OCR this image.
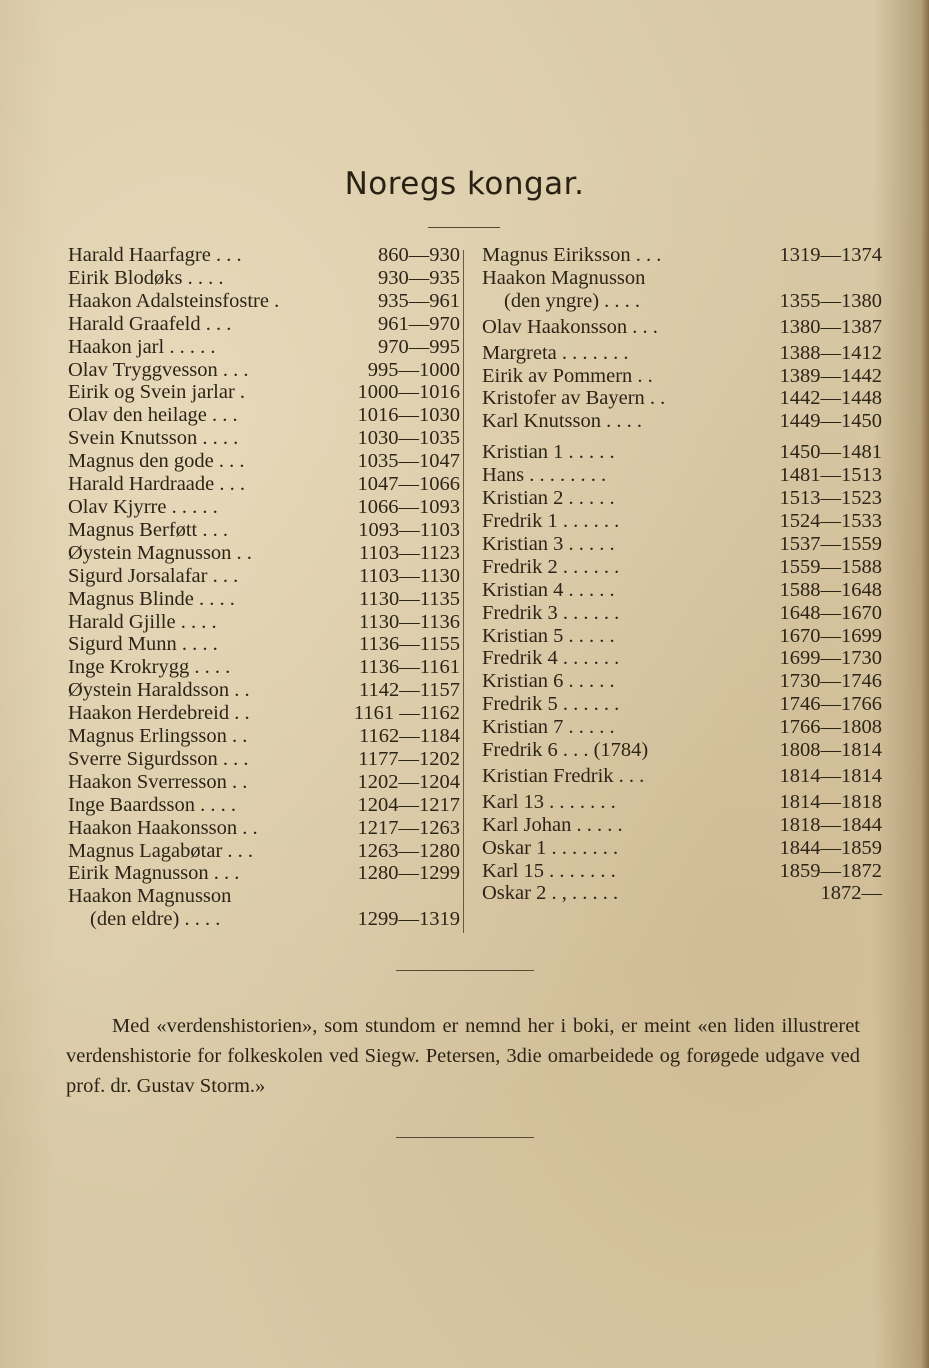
Noregs kongar.
Harald Haarfagre . . .	860—930
Eirik Blodøks . . . .	930—935
Haakon Adalsteinsfostre .	935—961
Harald Graafeld . . .	961—970
Haakon jarl . . . . .	970—995
Olav Tryggvesson . . .	995—1000
Eirik og Svein jarlar .	1000—1016
Olav den heilage . . .	1016—1030
Svein Knutsson . . . .	1030—1035
Magnus den gode . . .	1035—1047
Harald Hardraade . . .	1047—1066
Olav Kjyrre . . . . .	1066—1093
Magnus Berføtt . . .	1093—1103
Øystein Magnusson . .	1103—1123
Sigurd Jorsalafar . . .	1103—1130
Magnus Blinde . . . .	1130—1135
Harald Gjille . . . .	1130—1136
Sigurd Munn . . . .	1136—1155
Inge Krokrygg . . . .	1136—1161
Øystein Haraldsson . .	1142—1157
Haakon Herdebreid . .	1161 —1162
Magnus Erlingsson . .	1162—1184
Sverre Sigurdsson . . .	1177—1202
Haakon Sverresson . .	1202—1204
Inge Baardsson . . . .	1204—1217
Haakon Haakonsson . .	1217—1263
Magnus Lagabøtar . . .	1263—1280
Eirik Magnusson . . .	1280—1299
Haakon Magnusson
(den eldre) . . . .	1299—1319
Magnus Eiriksson . . .	1319—1374
Haakon Magnusson
(den yngre) . . . .	1355—1380
Olav Haakonsson . . .	1380—1387
Margreta . . . . . . .	1388—1412
Eirik av Pommern . .	1389—1442
Kristofer av Bayern . .	1442—1448
Karl Knutsson . . . .	1449—1450
Kristian 1 . . . . .	1450—1481
Hans . . . . . . . .	1481—1513
Kristian 2 . . . . .	1513—1523
Fredrik 1 . . . . . .	1524—1533
Kristian 3 . . . . .	1537—1559
Fredrik 2 . . . . . .	1559—1588
Kristian 4 . . . . .	1588—1648
Fredrik 3 . . . . . .	1648—1670
Kristian 5 . . . . .	1670—1699
Fredrik 4 . . . . . .	1699—1730
Kristian 6 . . . . .	1730—1746
Fredrik 5 . . . . . .	1746—1766
Kristian 7 . . . . .	1766—1808
Fredrik 6 . . . (1784)	1808—1814
Kristian Fredrik . . .	1814—1814
Karl 13 . . . . . . .	1814—1818
Karl Johan . . . . .	1818—1844
Oskar 1 . . . . . . .	1844—1859
Karl 15 . . . . . . .	1859—1872
Oskar 2 . , . . . . .	1872—
Med «verdenshistorien», som stundom er nemnd her i boki, er meint «en liden illustreret verdenshistorie for folkeskolen ved Siegw. Petersen, 3die omarbeidede og forøgede udgave ved prof. dr. Gustav Storm.»
